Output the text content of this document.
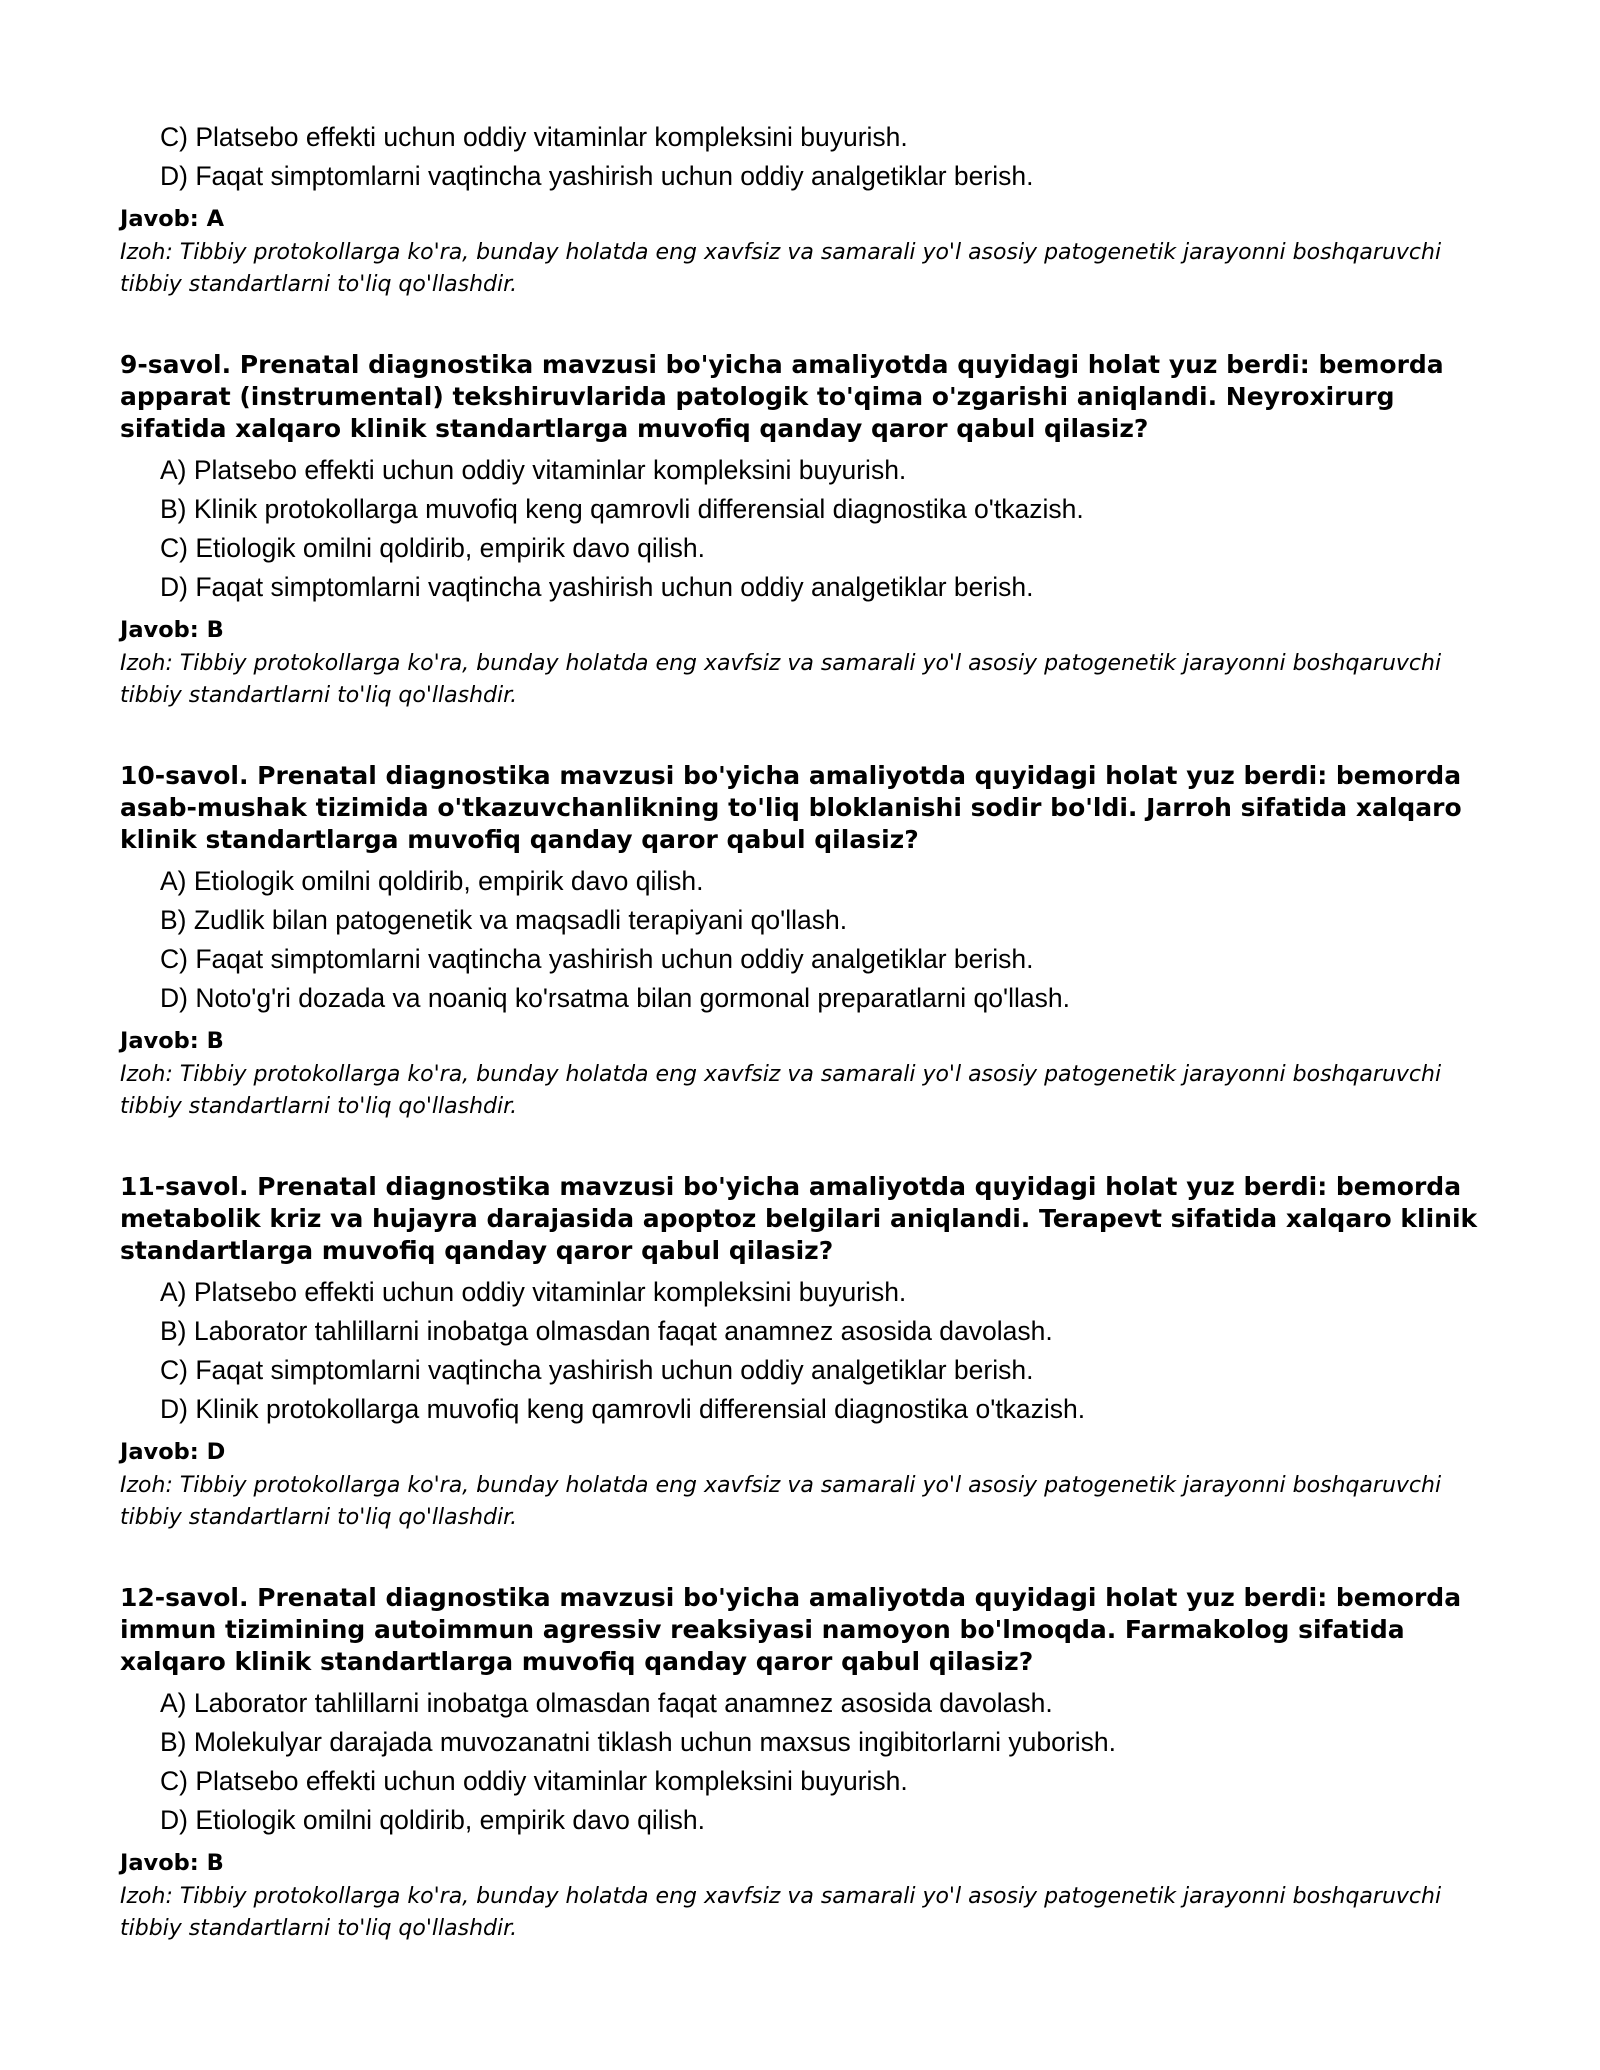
C) Platsebo effekti uchun oddiy vitaminlar kompleksini buyurish.
D) Faqat simptomlarni vaqtincha yashirish uchun oddiy analgetiklar berish.
Javob: A
Izoh: Tibbiy protokollarga ko'ra, bunday holatda eng xavfsiz va samarali yo'l asosiy patogenetik jarayonni boshqaruvchi tibbiy standartlarni to'liq qo'llashdir.
9-savol. Prenatal diagnostika mavzusi bo'yicha amaliyotda quyidagi holat yuz berdi: bemorda apparat (instrumental) tekshiruvlarida patologik to'qima o'zgarishi aniqlandi. Neyroxirurg sifatida xalqaro klinik standartlarga muvofiq qanday qaror qabul qilasiz?
A) Platsebo effekti uchun oddiy vitaminlar kompleksini buyurish.
B) Klinik protokollarga muvofiq keng qamrovli differensial diagnostika o'tkazish.
C) Etiologik omilni qoldirib, empirik davo qilish.
D) Faqat simptomlarni vaqtincha yashirish uchun oddiy analgetiklar berish.
Javob: B
Izoh: Tibbiy protokollarga ko'ra, bunday holatda eng xavfsiz va samarali yo'l asosiy patogenetik jarayonni boshqaruvchi tibbiy standartlarni to'liq qo'llashdir.
10-savol. Prenatal diagnostika mavzusi bo'yicha amaliyotda quyidagi holat yuz berdi: bemorda asab-mushak tizimida o'tkazuvchanlikning to'liq bloklanishi sodir bo'ldi. Jarroh sifatida xalqaro klinik standartlarga muvofiq qanday qaror qabul qilasiz?
A) Etiologik omilni qoldirib, empirik davo qilish.
B) Zudlik bilan patogenetik va maqsadli terapiyani qo'llash.
C) Faqat simptomlarni vaqtincha yashirish uchun oddiy analgetiklar berish.
D) Noto'g'ri dozada va noaniq ko'rsatma bilan gormonal preparatlarni qo'llash.
Javob: B
Izoh: Tibbiy protokollarga ko'ra, bunday holatda eng xavfsiz va samarali yo'l asosiy patogenetik jarayonni boshqaruvchi tibbiy standartlarni to'liq qo'llashdir.
11-savol. Prenatal diagnostika mavzusi bo'yicha amaliyotda quyidagi holat yuz berdi: bemorda metabolik kriz va hujayra darajasida apoptoz belgilari aniqlandi. Terapevt sifatida xalqaro klinik standartlarga muvofiq qanday qaror qabul qilasiz?
A) Platsebo effekti uchun oddiy vitaminlar kompleksini buyurish.
B) Laborator tahlillarni inobatga olmasdan faqat anamnez asosida davolash.
C) Faqat simptomlarni vaqtincha yashirish uchun oddiy analgetiklar berish.
D) Klinik protokollarga muvofiq keng qamrovli differensial diagnostika o'tkazish.
Javob: D
Izoh: Tibbiy protokollarga ko'ra, bunday holatda eng xavfsiz va samarali yo'l asosiy patogenetik jarayonni boshqaruvchi tibbiy standartlarni to'liq qo'llashdir.
12-savol. Prenatal diagnostika mavzusi bo'yicha amaliyotda quyidagi holat yuz berdi: bemorda immun tizimining autoimmun agressiv reaksiyasi namoyon bo'lmoqda. Farmakolog sifatida xalqaro klinik standartlarga muvofiq qanday qaror qabul qilasiz?
A) Laborator tahlillarni inobatga olmasdan faqat anamnez asosida davolash.
B) Molekulyar darajada muvozanatni tiklash uchun maxsus ingibitorlarni yuborish.
C) Platsebo effekti uchun oddiy vitaminlar kompleksini buyurish.
D) Etiologik omilni qoldirib, empirik davo qilish.
Javob: B
Izoh: Tibbiy protokollarga ko'ra, bunday holatda eng xavfsiz va samarali yo'l asosiy patogenetik jarayonni boshqaruvchi tibbiy standartlarni to'liq qo'llashdir.
